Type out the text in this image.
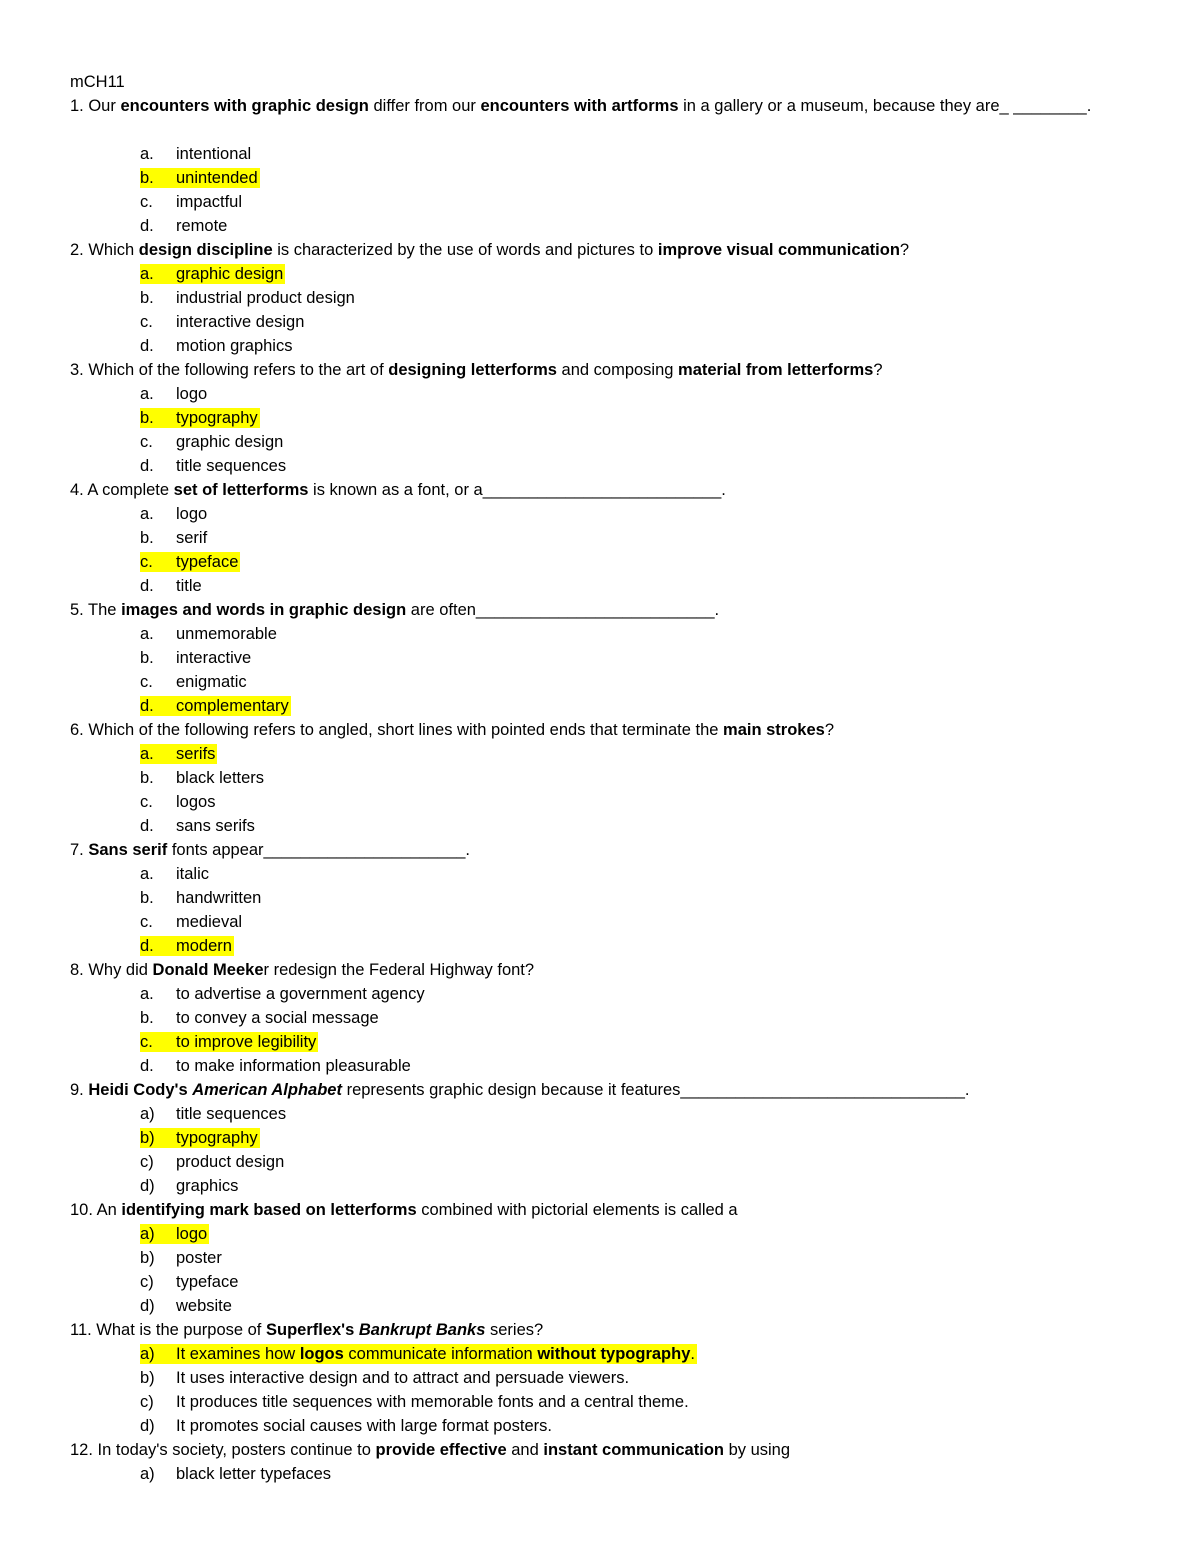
mCH11
1. Our encounters with graphic design differ from our encounters with artforms in a gallery or a museum, because they are_ ________.
a. intentional
b. unintended
c. impactful
d. remote
2. Which design discipline is characterized by the use of words and pictures to improve visual communication?
a. graphic design
b. industrial product design
c. interactive design
d. motion graphics
3. Which of the following refers to the art of designing letterforms and composing material from letterforms?
a. logo
b. typography
c. graphic design
d. title sequences
4. A complete set of letterforms is known as a font, or a__________________________.
a. logo
b. serif
c. typeface
d. title
5. The images and words in graphic design are often__________________________.
a. unmemorable
b. interactive
c. enigmatic
d. complementary
6. Which of the following refers to angled, short lines with pointed ends that terminate the main strokes?
a. serifs
b. black letters
c. logos
d. sans serifs
7. Sans serif fonts appear______________________.
a. italic
b. handwritten
c. medieval
d. modern
8. Why did Donald Meeker redesign the Federal Highway font?
a. to advertise a government agency
b. to convey a social message
c. to improve legibility
d. to make information pleasurable
9. Heidi Cody's American Alphabet represents graphic design because it features_______________________________.
a) title sequences
b) typography
c) product design
d) graphics
10. An identifying mark based on letterforms combined with pictorial elements is called a
a) logo
b) poster
c) typeface
d) website
11. What is the purpose of Superflex's Bankrupt Banks series?
a) It examines how logos communicate information without typography.
b) It uses interactive design and to attract and persuade viewers.
c) It produces title sequences with memorable fonts and a central theme.
d) It promotes social causes with large format posters.
12. In today's society, posters continue to provide effective and instant communication by using
a) black letter typefaces
